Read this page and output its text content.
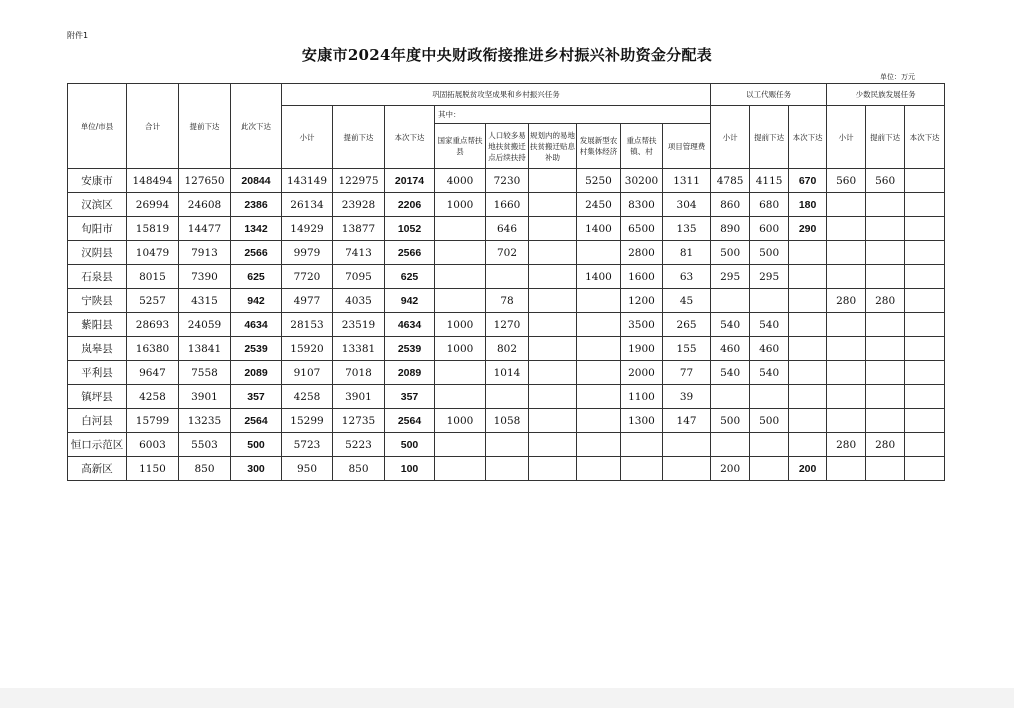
附件1
安康市2024年度中央财政衔接推进乡村振兴补助资金分配表
单位：万元
单位/市县	合计	提前下达	此次下达	巩固拓展脱贫攻坚成果和乡村振兴任务									以工代赈任务			少数民族发展任务		
				小计	提前下达	本次下达	其中：						小计	提前下达	本次下达	小计	提前下达	本次下达
							国家重点帮扶县	人口较多易地扶贫搬迁点后续扶持	规划内的易地扶贫搬迁贴息补助	发展新型农村集体经济	重点帮扶镇、村	项目管理费						
安康市	148494	127650	20844	143149	122975	20174	4000	7230		5250	30200	1311	4785	4115	670	560	560	
汉滨区	26994	24608	2386	26134	23928	2206	1000	1660		2450	8300	304	860	680	180			
旬阳市	15819	14477	1342	14929	13877	1052		646		1400	6500	135	890	600	290			
汉阴县	10479	7913	2566	9979	7413	2566		702			2800	81	500	500				
石泉县	8015	7390	625	7720	7095	625				1400	1600	63	295	295				
宁陕县	5257	4315	942	4977	4035	942		78			1200	45				280	280	
紫阳县	28693	24059	4634	28153	23519	4634	1000	1270			3500	265	540	540				
岚皋县	16380	13841	2539	15920	13381	2539	1000	802			1900	155	460	460				
平利县	9647	7558	2089	9107	7018	2089		1014			2000	77	540	540				
镇坪县	4258	3901	357	4258	3901	357					1100	39						
白河县	15799	13235	2564	15299	12735	2564	1000	1058			1300	147	500	500				
恒口示范区	6003	5503	500	5723	5223	500										280	280	
高新区	1150	850	300	950	850	100							200		200			
